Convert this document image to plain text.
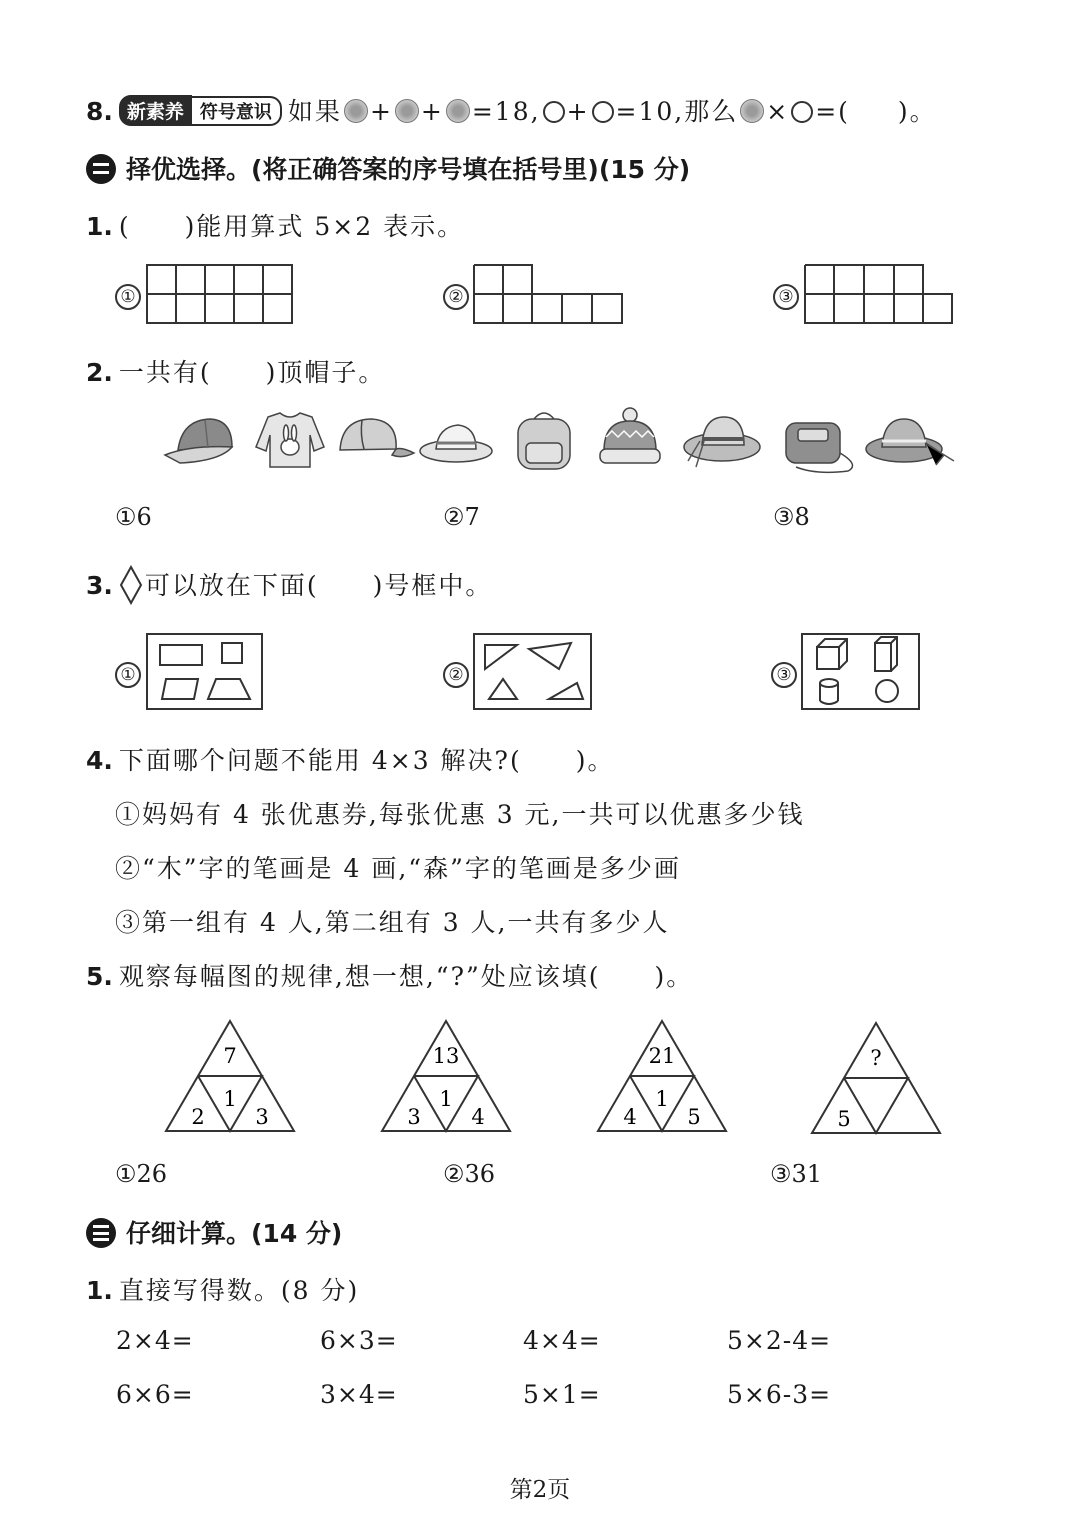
8. 新素养 符号意识 如果 + + =18, + =10,那么 × =( )。
择优选择。(将正确答案的序号填在括号里)(15 分)
1. (　　)能用算式 5×2 表示。
①	②	③
2. 一共有(　　)顶帽子。
①6	②7	③8
3. 可以放在下面(　　)号框中。
①	②	③
4. 下面哪个问题不能用 4×3 解决?(　　)。
①妈妈有 4 张优惠券,每张优惠 3 元,一共可以优惠多少钱
②“木”字的笔画是 4 画,“森”字的笔画是多少画
③第一组有 4 人,第二组有 3 人,一共有多少人
5. 观察每幅图的规律,想一想,“?”处应该填(　　)。
7
1
2 3
13
1
3 4
21
1
4 5
?
5
①26	②36	③31
仔细计算。(14 分)
1. 直接写得数。(8 分)
2×4=	6×3=	4×4=	5×2-4=
6×6=	3×4=	5×1=	5×6-3=
第2页
